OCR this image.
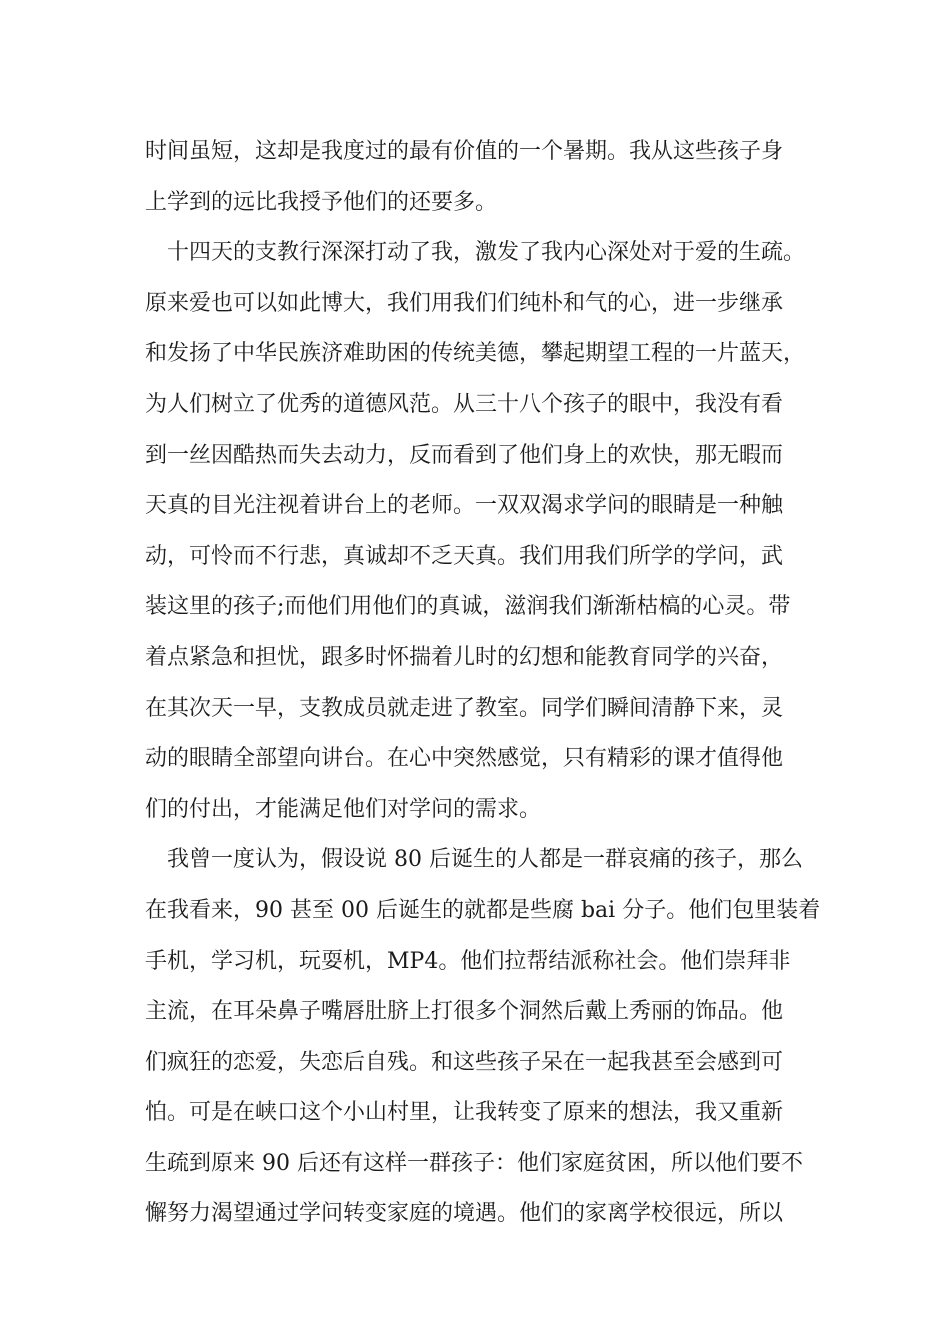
时间虽短，这却是我度过的最有价值的一个暑期。我从这些孩子身
上学到的远比我授予他们的还要多。
十四天的支教行深深打动了我，激发了我内心深处对于爱的生疏。
原来爱也可以如此博大，我们用我们们纯朴和气的心，进一步继承
和发扬了中华民族济难助困的传统美德，攀起期望工程的一片蓝天，
为人们树立了优秀的道德风范。从三十八个孩子的眼中，我没有看
到一丝因酷热而失去动力，反而看到了他们身上的欢快，那无暇而
天真的目光注视着讲台上的老师。一双双渴求学问的眼睛是一种触
动，可怜而不行悲，真诚却不乏天真。我们用我们所学的学问，武
装这里的孩子;而他们用他们的真诚，滋润我们渐渐枯槁的心灵。带
着点紧急和担忧，跟多时怀揣着儿时的幻想和能教育同学的兴奋，
在其次天一早，支教成员就走进了教室。同学们瞬间清静下来，灵
动的眼睛全部望向讲台。在心中突然感觉，只有精彩的课才值得他
们的付出，才能满足他们对学问的需求。
我曾一度认为，假设说 80 后诞生的人都是一群哀痛的孩子，那么
在我看来，90 甚至 00 后诞生的就都是些腐 bai 分子。他们包里装着
手机，学习机，玩耍机，MP4。他们拉帮结派称社会。他们崇拜非
主流，在耳朵鼻子嘴唇肚脐上打很多个洞然后戴上秀丽的饰品。他
们疯狂的恋爱，失恋后自残。和这些孩子呆在一起我甚至会感到可
怕。可是在峡口这个小山村里，让我转变了原来的想法，我又重新
生疏到原来 90 后还有这样一群孩子：他们家庭贫困，所以他们要不
懈努力渴望通过学问转变家庭的境遇。他们的家离学校很远，所以
